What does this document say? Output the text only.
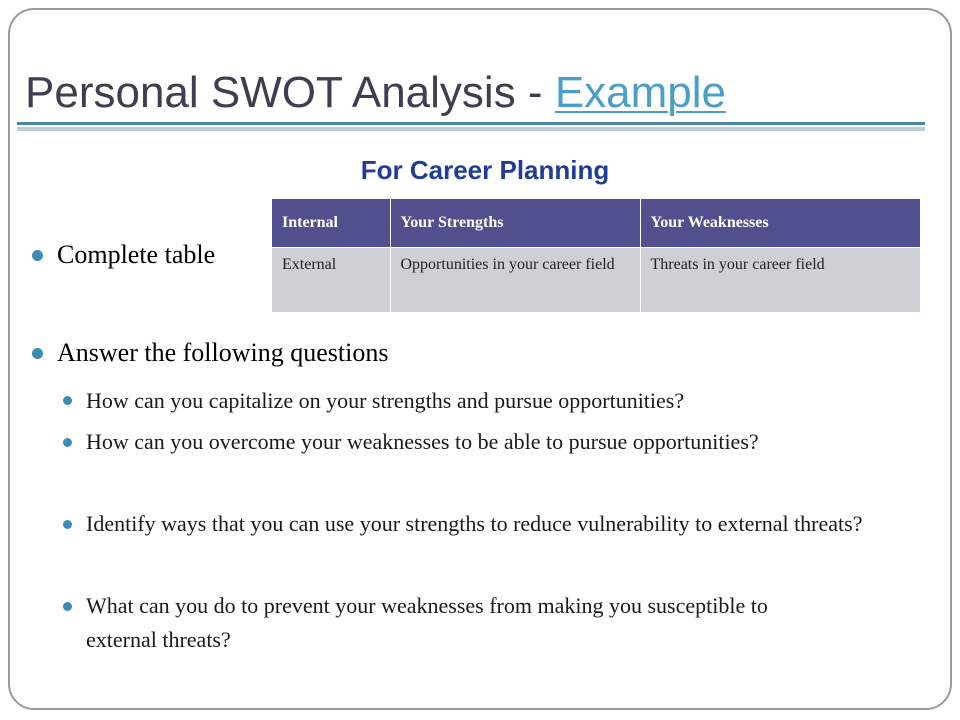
Personal SWOT Analysis - Example
For Career Planning
Internal	Your Strengths	Your Weaknesses
External	Opportunities in your career field	Threats in your career field
Complete table
Answer the following questions
How can you capitalize on your strengths and pursue opportunities?
How can you overcome your weaknesses to be able to pursue opportunities?
Identify ways that you can use your strengths to reduce vulnerability to external threats?
What can you do to prevent your weaknesses from making you susceptible to external threats?
